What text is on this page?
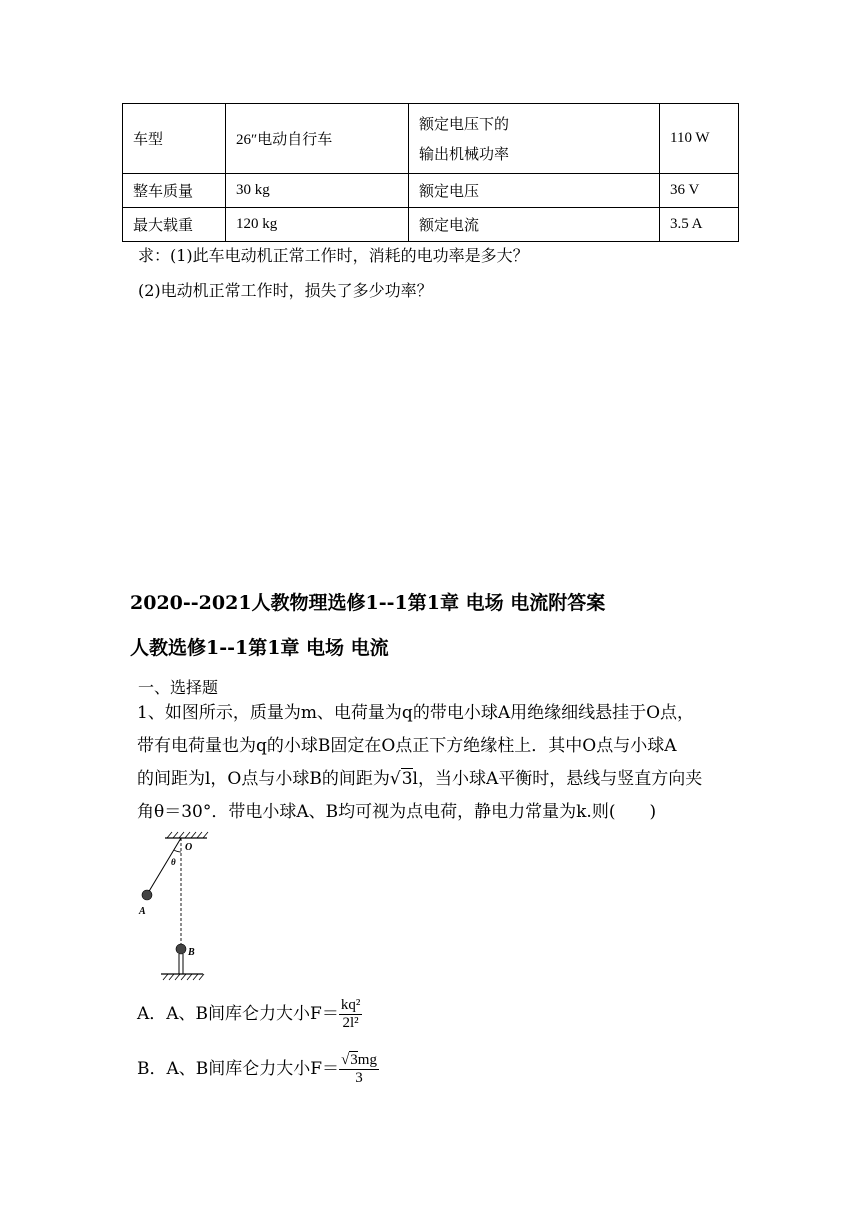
车型	26″电动自行车	额定电压下的
输出机械功率	110 W
整车质量	30 kg	额定电压	36 V
最大载重	120 kg	额定电流	3.5 A
求：(1)此车电动机正常工作时，消耗的电功率是多大？
(2)电动机正常工作时，损失了多少功率？
2020--2021人教物理选修1--1第1章 电场 电流附答案
人教选修1--1第1章 电场 电流
一、选择题
1、如图所示，质量为m、电荷量为q的带电小球A用绝缘细线悬挂于O点，
带有电荷量也为q的小球B固定在O点正下方绝缘柱上．其中O点与小球A
的间距为l，O点与小球B的间距为√3l，当小球A平衡时，悬线与竖直方向夹
角θ＝30°．带电小球A、B均可视为点电荷，静电力常量为k.则(　　)
O
θ
A
B
A．A、B间库仑力大小$F= \frac{\text{kq²}}{\text{2l²}}$
B．A、B间库仑力大小$F= \frac{√3mg}{3}$
